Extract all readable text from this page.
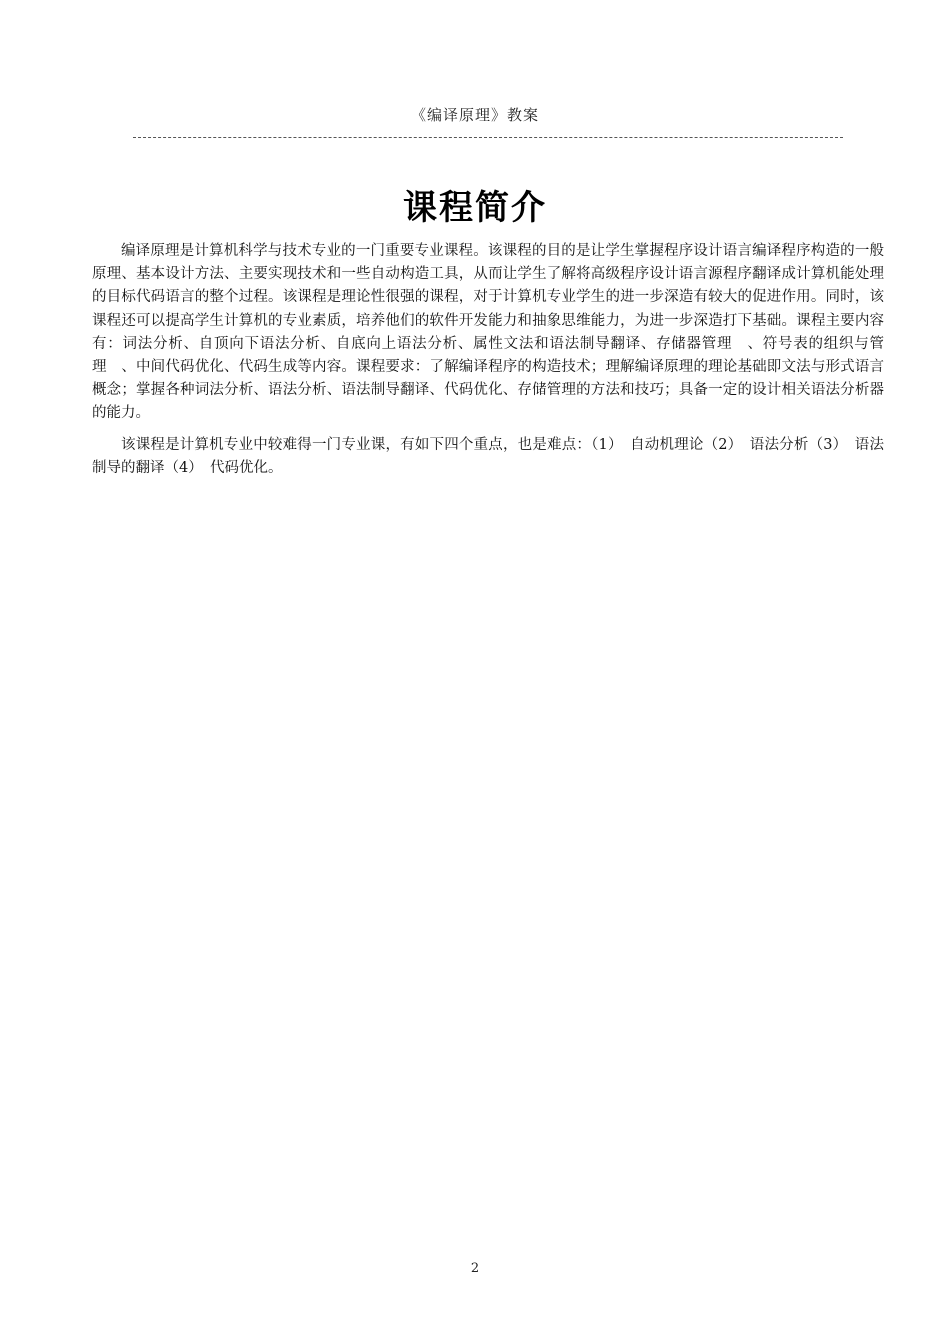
《编译原理》教案
课程简介

编译原理是计算机科学与技术专业的一门重要专业课程。该课程的目的是让学生掌握程序设计语言编译程序构造的一般原理、基本设计方法、主要实现技术和一些自动构造工具，从而让学生了解将高级程序设计语言源程序翻译成计算机能处理的目标代码语言的整个过程。该课程是理论性很强的课程，对于计算机专业学生的进一步深造有较大的促进作用。同时，该课程还可以提高学生计算机的专业素质，培养他们的软件开发能力和抽象思维能力，为进一步深造打下基础。课程主要内容有：词法分析、自顶向下语法分析、自底向上语法分析、属性文法和语法制导翻译、存储器管理　、符号表的组织与管理　、中间代码优化、代码生成等内容。课程要求：了解编译程序的构造技术；理解编译原理的理论基础即文法与形式语言概念；掌握各种词法分析、语法分析、语法制导翻译、代码优化、存储管理的方法和技巧；具备一定的设计相关语法分析器的能力。

该课程是计算机专业中较难得一门专业课，有如下四个重点，也是难点：（1）　自动机理论（2）　语法分析（3）　语法制导的翻译（4）　代码优化。

2
